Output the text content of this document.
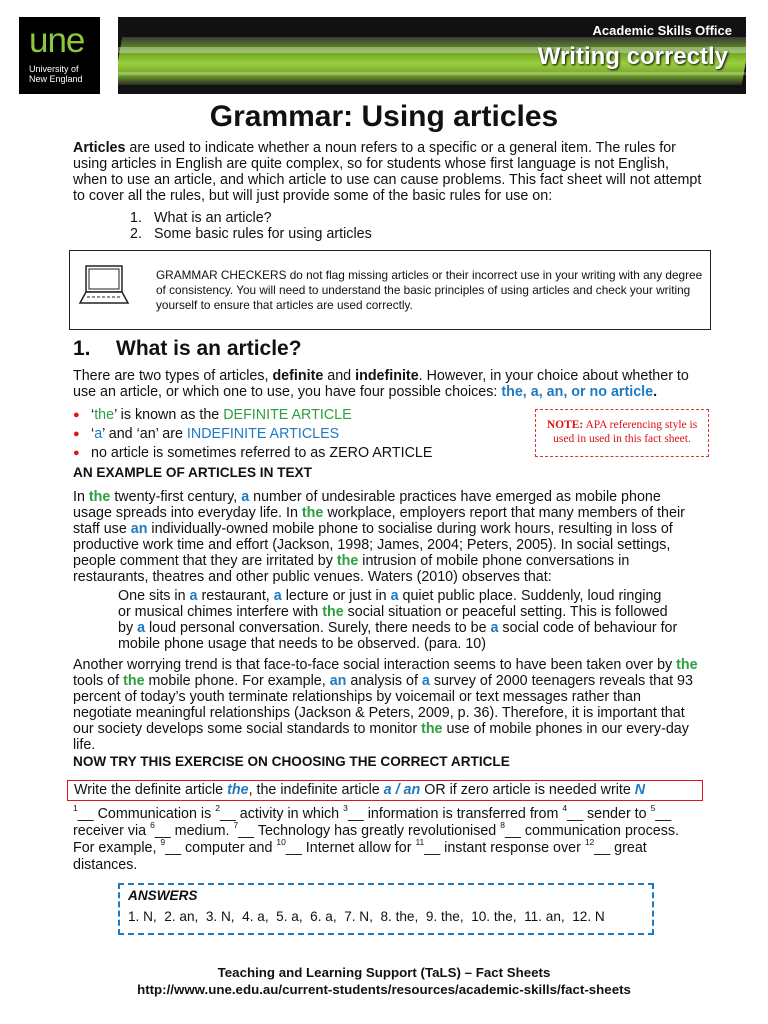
une
University of
New England
Academic Skills Office
Writing correctly
Grammar: Using articles

Articles are used to indicate whether a noun refers to a specific or a general item. The rules for using articles in English are quite complex, so for students whose first language is not English, when to use an article, and which article to use can cause problems. This fact sheet will not attempt to cover all the rules, but will just provide some of the basic rules for use on:

1. What is an article?
2. Some basic rules for using articles
GRAMMAR CHECKERS do not flag missing articles or their incorrect use in your writing with any degree of consistency. You will need to understand the basic principles of using articles and check your writing yourself to ensure that articles are used correctly.
1. What is an article?

There are two types of articles, definite and indefinite. However, in your choice about whether to use an article, or which one to use, you have four possible choices: the, a, an, or no article.

● ‘the’ is known as the DEFINITE ARTICLE
● ‘a’ and ‘an’ are INDEFINITE ARTICLES
● no article is sometimes referred to as ZERO ARTICLE
NOTE: APA referencing style is used in used in this fact sheet.
AN EXAMPLE OF ARTICLES IN TEXT

In the twenty-first century, a number of undesirable practices have emerged as mobile phone usage spreads into everyday life. In the workplace, employers report that many members of their staff use an individually-owned mobile phone to socialise during work hours, resulting in loss of productive work time and effort (Jackson, 1998; James, 2004; Peters, 2005). In social settings, people comment that they are irritated by the intrusion of mobile phone conversations in restaurants, theatres and other public venues. Waters (2010) observes that:

One sits in a restaurant, a lecture or just in a quiet public place. Suddenly, loud ringing or musical chimes interfere with the social situation or peaceful setting. This is followed by a loud personal conversation. Surely, there needs to be a social code of behaviour for mobile phone usage that needs to be observed. (para. 10)

Another worrying trend is that face-to-face social interaction seems to have been taken over by the tools of the mobile phone. For example, an analysis of a survey of 2000 teenagers reveals that 93 percent of today’s youth terminate relationships by voicemail or text messages rather than negotiate meaningful relationships (Jackson & Peters, 2009, p. 36). Therefore, it is important that our society develops some social standards to monitor the use of mobile phones in our every-day life.

NOW TRY THIS EXERCISE ON CHOOSING THE CORRECT ARTICLE
Write the definite article the, the indefinite article a / an OR if zero article is needed write N

$^1$__ Communication is $^2$__ activity in which $^3$__ information is transferred from $^4$__ sender to $^5$__ receiver via $^6$__ medium. $^7$__ Technology has greatly revolutionised $^8$__ communication process. For example, $^9$__ computer and $^{10}$__ Internet allow for $^{11}$__ instant response over $^{12}$__ great distances.

ANSWERS
1. N, 2. an, 3. N, 4. a, 5. a, 6. a, 7. N, 8. the, 9. the, 10. the, 11. an, 12. N
Teaching and Learning Support (TaLS) – Fact Sheets
http://www.une.edu.au/current-students/resources/academic-skills/fact-sheets
